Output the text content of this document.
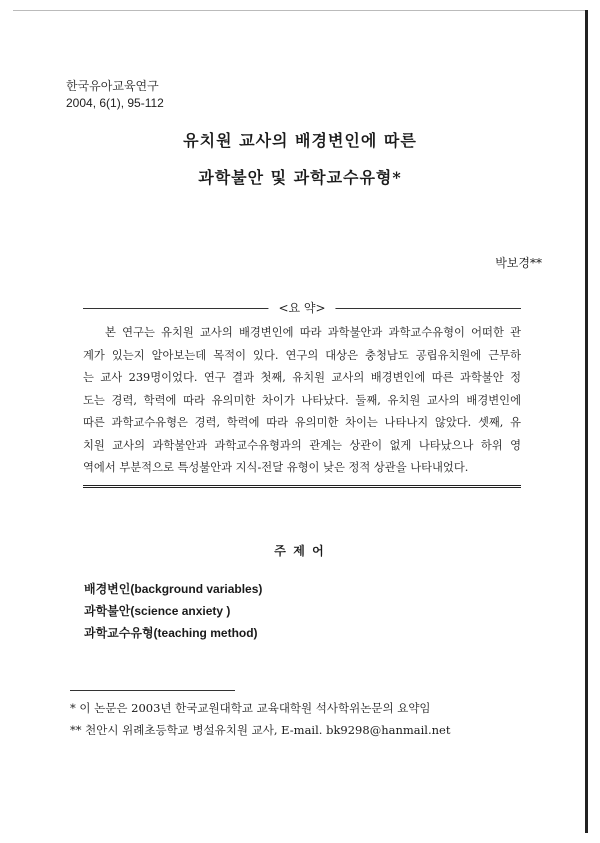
한국유아교육연구
2004, 6(1), 95-112
유치원 교사의 배경변인에 따른
과학불안 및 과학교수유형*
박보경**
<요 약>
본 연구는 유치원 교사의 배경변인에 따라 과학불안과 과학교수유형이 어떠한 관
계가 있는지 알아보는데 목적이 있다. 연구의 대상은 충청남도 공립유치원에 근무하
는 교사 239명이었다. 연구 결과 첫째, 유치원 교사의 배경변인에 따른 과학불안 정
도는 경력, 학력에 따라 유의미한 차이가 나타났다. 둘째, 유치원 교사의 배경변인에
따른 과학교수유형은 경력, 학력에 따라 유의미한 차이는 나타나지 않았다. 셋째, 유
치원 교사의 과학불안과 과학교수유형과의 관계는 상관이 없게 나타났으나 하위 영
역에서 부분적으로 특성불안과 지식-전달 유형이 낮은 정적 상관을 나타내었다.
주 제 어
배경변인(background variables)
과학불안(science anxiety )
과학교수유형(teaching method)
* 이 논문은 2003년 한국교원대학교 교육대학원 석사학위논문의 요약임
** 천안시 위례초등학교 병설유치원 교사, E-mail. bk9298@hanmail.net
